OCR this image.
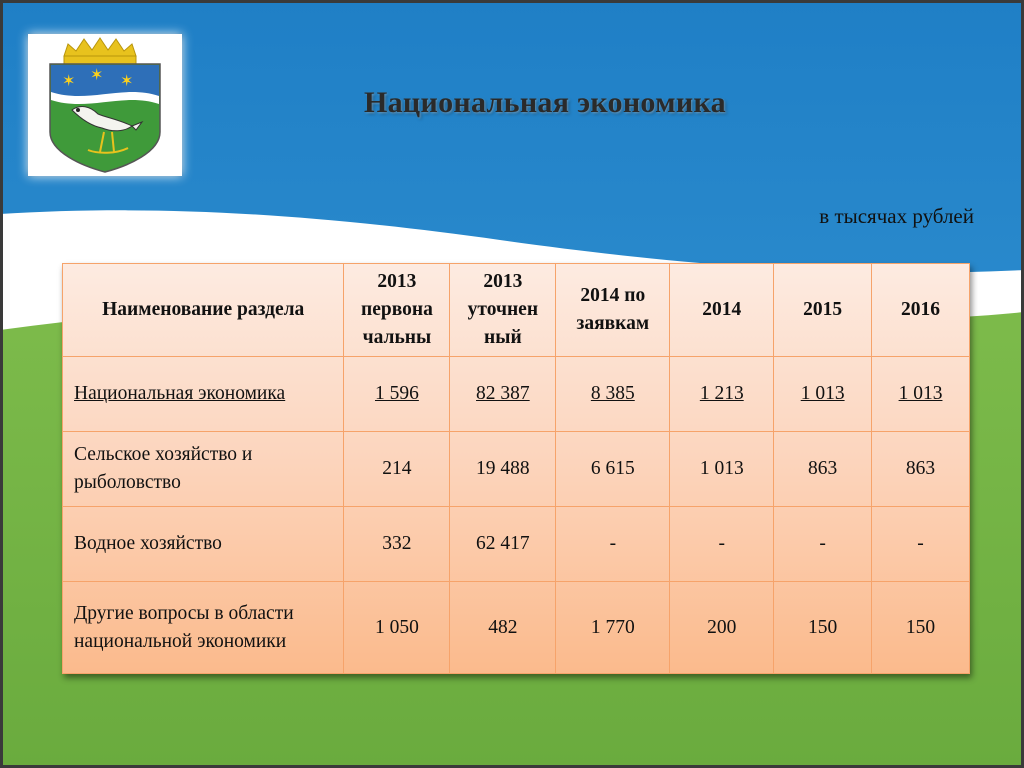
✶ ✶ ✶
Национальная экономика
в тысячах рублей
Наименование раздела	2013 первона чальны	2013 уточнен ный	2014 по заявкам	2014	2015	2016
Национальная экономика	1 596	82 387	8 385	1 213	1 013	1 013
Сельское хозяйство и рыболовство	214	19 488	6 615	1 013	863	863
Водное хозяйство	332	62 417	-	-	-	-
Другие вопросы в области национальной экономики	1 050	482	1 770	200	150	150
